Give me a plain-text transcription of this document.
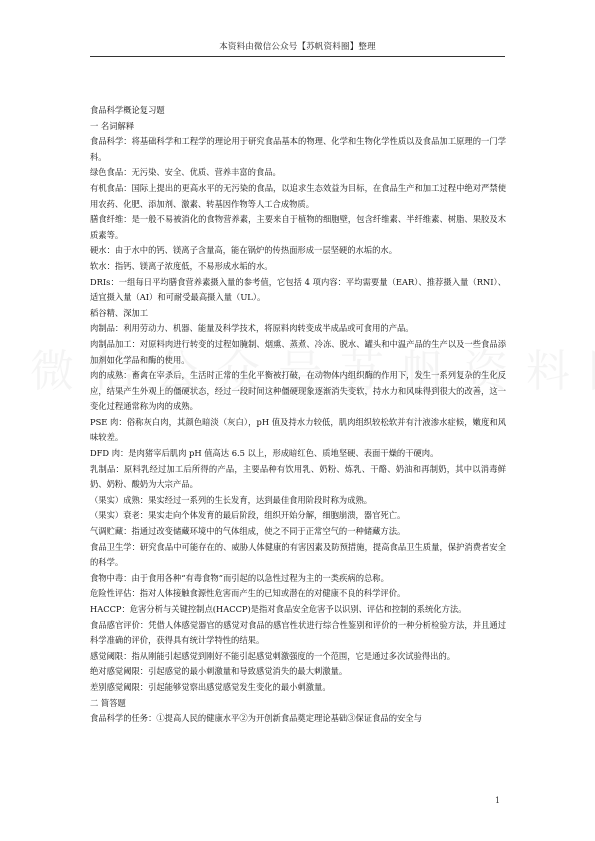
本资料由微信公众号【苏帆资料圈】整理

食品科学概论复习题

一 名词解释

食品科学：将基础科学和工程学的理论用于研究食品基本的物理、化学和生物化学性质以及食品加工原理的一门学科。

绿色食品：无污染、安全、优质、营养丰富的食品。

有机食品：国际上提出的更高水平的无污染的食品，以追求生态效益为目标，在食品生产和加工过程中绝对严禁使用农药、化肥、添加剂、激素、转基因作物等人工合成物质。

膳食纤维：是一般不易被消化的食物营养素，主要来自于植物的细胞壁，包含纤维素、半纤维素、树脂、果胶及木质素等。

硬水：由于水中的钙、镁离子含量高，能在锅炉的传热面形成一层坚硬的水垢的水。

软水：指钙、镁离子浓度低，不易形成水垢的水。

DRIs：一组每日平均膳食营养素摄入量的参考值，它包括 4 项内容：平均需要量（EAR）、推荐摄入量（RNI）、适宜摄入量（AI）和可耐受最高摄入量（UL）。

稻谷精、深加工

肉制品：利用劳动力、机器、能量及科学技术，将原料肉转变成半成品或可食用的产品。

肉制品加工：对原料肉进行转变的过程如腌制、烟熏、蒸煮、冷冻、脱水、罐头和中温产品的生产以及一些食品添加剂如化学品和酶的使用。

肉的成熟：畜禽在宰杀后，生活时正常的生化平衡被打破，在动物体内组织酶的作用下，发生一系列复杂的生化反应，结果产生外观上的僵硬状态，经过一段时间这种僵硬现象逐渐消失变软，持水力和风味得到很大的改善，这一变化过程通常称为肉的成熟。

PSE 肉：俗称灰白肉，其颜色暗淡（灰白），pH 值及持水力较低，肌肉组织较松软并有汁液渗水症候，嫩度和风味较差。

DFD 肉：是肉猪宰后肌肉 pH 值高达 6.5 以上，形成暗红色、质地坚硬、表面干燥的干硬肉。

乳制品：原料乳经过加工后所得的产品，主要品种有饮用乳、奶粉、炼乳、干酪、奶油和再制奶，其中以消毒鲜奶、奶粉、酸奶为大宗产品。

（果实）成熟：果实经过一系列的生长发育，达到最佳食用阶段时称为成熟。

（果实）衰老：果实走向个体发育的最后阶段，组织开始分解，细胞崩溃，器官死亡。

气调贮藏：指通过改变储藏环境中的气体组成，使之不同于正常空气的一种储藏方法。

食品卫生学：研究食品中可能存在的、威胁人体健康的有害因素及防预措施，提高食品卫生质量，保护消费者安全的科学。

食物中毒：由于食用各种“有毒食物”而引起的以急性过程为主的一类疾病的总称。

危险性评估：指对人体接触食源性危害而产生的已知或潜在的对健康不良的科学评价。

HACCP：危害分析与关键控制点(HACCP)是指对食品安全危害予以识别、评估和控制的系统化方法。

食品感官评价：凭借人体感觉器官的感觉对食品的感官性状进行综合性鉴别和评价的一种分析检验方法，并且通过科学准确的评价，获得具有统计学特性的结果。

感觉阈限：指从刚能引起感觉到刚好不能引起感觉刺激强度的一个范围，它是通过多次试验得出的。

绝对感觉阈限：引起感觉的最小刺激量和导致感觉消失的最大刺激量。

差别感觉阈限：引起能够觉察出感觉感觉发生变化的最小刺激量。

二 简答题

食品科学的任务：①提高人民的健康水平②为开创新食品奠定理论基础③保证食品的安全与

1
